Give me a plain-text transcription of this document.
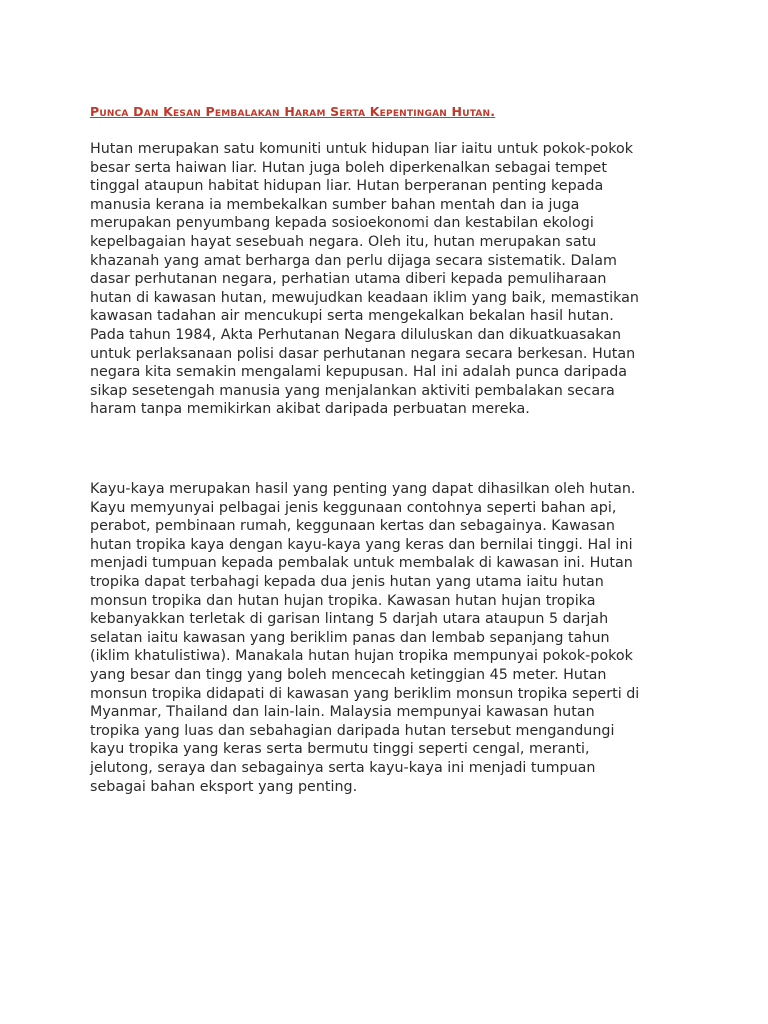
Punca Dan Kesan Pembalakan Haram Serta Kepentingan Hutan.

Hutan merupakan satu komuniti untuk hidupan liar iaitu untuk pokok-pokok
besar serta haiwan liar. Hutan juga boleh diperkenalkan sebagai tempet
tinggal ataupun habitat hidupan liar. Hutan berperanan penting kepada
manusia kerana ia membekalkan sumber bahan mentah dan ia juga
merupakan penyumbang kepada sosioekonomi dan kestabilan ekologi
kepelbagaian hayat sesebuah negara. Oleh itu, hutan merupakan satu
khazanah yang amat berharga dan perlu dijaga secara sistematik. Dalam
dasar perhutanan negara, perhatian utama diberi kepada pemuliharaan
hutan di kawasan hutan, mewujudkan keadaan iklim yang baik, memastikan
kawasan tadahan air mencukupi serta mengekalkan bekalan hasil hutan.
Pada tahun 1984, Akta Perhutanan Negara diluluskan dan dikuatkuasakan
untuk perlaksanaan polisi dasar perhutanan negara secara berkesan. Hutan
negara kita semakin mengalami kepupusan. Hal ini adalah punca daripada
sikap sesetengah manusia yang menjalankan aktiviti pembalakan secara
haram tanpa memikirkan akibat daripada perbuatan mereka.

Kayu-kaya merupakan hasil yang penting yang dapat dihasilkan oleh hutan.
Kayu memyunyai pelbagai jenis keggunaan contohnya seperti bahan api,
perabot, pembinaan rumah, keggunaan kertas dan sebagainya. Kawasan
hutan tropika kaya dengan kayu-kaya yang keras dan bernilai tinggi. Hal ini
menjadi tumpuan kepada pembalak untuk membalak di kawasan ini. Hutan
tropika dapat terbahagi kepada dua jenis hutan yang utama iaitu hutan
monsun tropika dan hutan hujan tropika. Kawasan hutan hujan tropika
kebanyakkan terletak di garisan lintang 5 darjah utara ataupun 5 darjah
selatan iaitu kawasan yang beriklim panas dan lembab sepanjang tahun
(iklim khatulistiwa). Manakala hutan hujan tropika mempunyai pokok-pokok
yang besar dan tingg yang boleh mencecah ketinggian 45 meter. Hutan
monsun tropika didapati di kawasan yang beriklim monsun tropika seperti di
Myanmar, Thailand dan lain-lain. Malaysia mempunyai kawasan hutan
tropika yang luas dan sebahagian daripada hutan tersebut mengandungi
kayu tropika yang keras serta bermutu tinggi seperti cengal, meranti,
jelutong, seraya dan sebagainya serta kayu-kaya ini menjadi tumpuan
sebagai bahan eksport yang penting.
